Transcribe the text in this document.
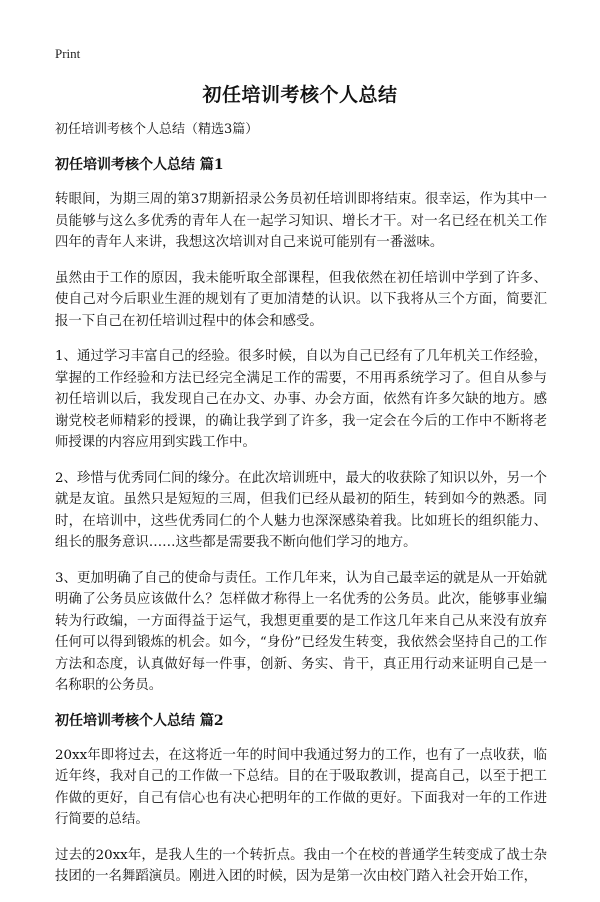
Print
初任培训考核个人总结

初任培训考核个人总结（精选3篇）

初任培训考核个人总结 篇1

转眼间，为期三周的第37期新招录公务员初任培训即将结束。很幸运，作为其中一员能够与这么多优秀的青年人在一起学习知识、增长才干。对一名已经在机关工作四年的青年人来讲，我想这次培训对自己来说可能别有一番滋味。

虽然由于工作的原因，我未能听取全部课程，但我依然在初任培训中学到了许多、使自己对今后职业生涯的规划有了更加清楚的认识。以下我将从三个方面，简要汇报一下自己在初任培训过程中的体会和感受。

1、通过学习丰富自己的经验。很多时候，自以为自己已经有了几年机关工作经验，掌握的工作经验和方法已经完全满足工作的需要，不用再系统学习了。但自从参与初任培训以后，我发现自己在办文、办事、办会方面，依然有许多欠缺的地方。感谢党校老师精彩的授课，的确让我学到了许多，我一定会在今后的工作中不断将老师授课的内容应用到实践工作中。

2、珍惜与优秀同仁间的缘分。在此次培训班中，最大的收获除了知识以外，另一个就是友谊。虽然只是短短的三周，但我们已经从最初的陌生，转到如今的熟悉。同时，在培训中，这些优秀同仁的个人魅力也深深感染着我。比如班长的组织能力、组长的服务意识……这些都是需要我不断向他们学习的地方。

3、更加明确了自己的使命与责任。工作几年来，认为自己最幸运的就是从一开始就明确了公务员应该做什么？怎样做才称得上一名优秀的公务员。此次，能够事业编转为行政编，一方面得益于运气，我想更重要的是工作这几年来自己从来没有放弃任何可以得到锻炼的机会。如今，“身份”已经发生转变，我依然会坚持自己的工作方法和态度，认真做好每一件事，创新、务实、肯干，真正用行动来证明自己是一名称职的公务员。

初任培训考核个人总结 篇2

20xx年即将过去，在这将近一年的时间中我通过努力的工作，也有了一点收获，临近年终，我对自己的工作做一下总结。目的在于吸取教训，提高自己，以至于把工作做的更好，自己有信心也有决心把明年的工作做的更好。下面我对一年的工作进行简要的总结。

过去的20xx年，是我人生的一个转折点。我由一个在校的普通学生转变成了战士杂技团的一名舞蹈演员。刚进入团的时候，因为是第一次由校门踏入社会开始工作，
